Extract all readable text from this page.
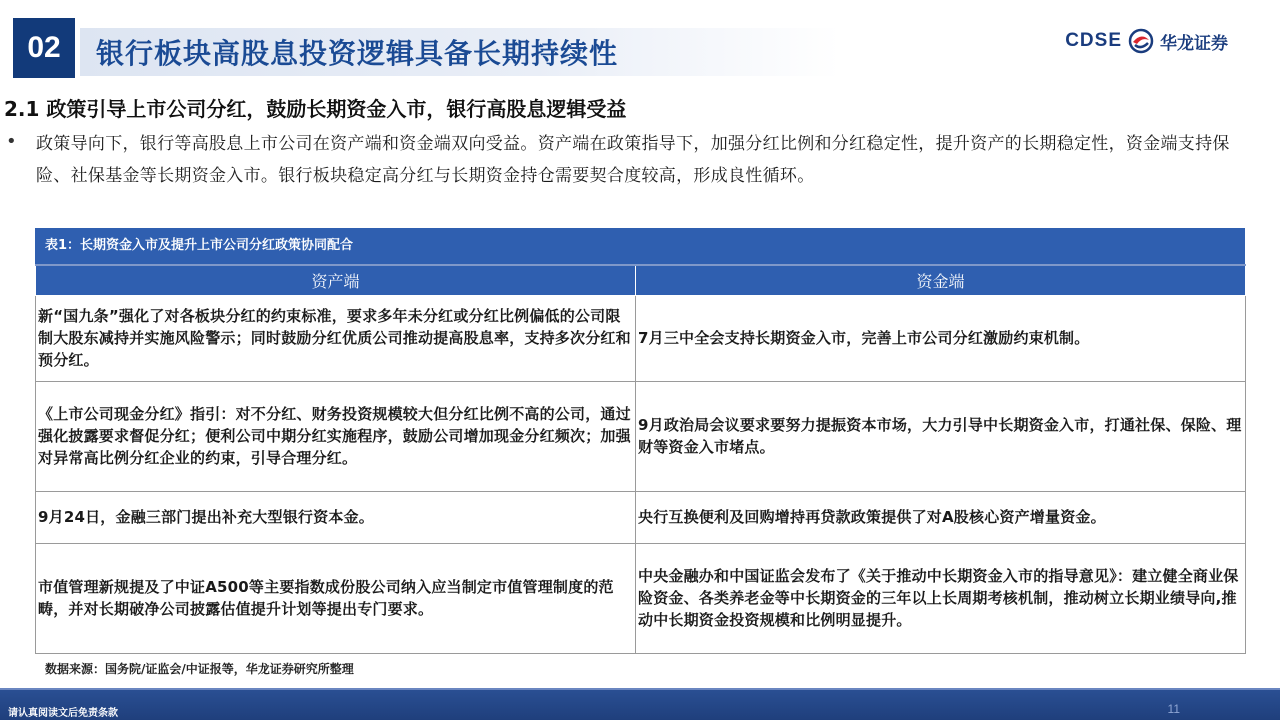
02	银行板块高股息投资逻辑具备长期持续性	CDSE 华龙证券
2.1 政策引导上市公司分红，鼓励长期资金入市，银行高股息逻辑受益
• 政策导向下，银行等高股息上市公司在资产端和资金端双向受益。资产端在政策指导下，加强分红比例和分红稳定性，提升资产的长期稳定性，资金端支持保险、社保基金等长期资金入市。银行板块稳定高分红与长期资金持仓需要契合度较高，形成良性循环。
表1：长期资金入市及提升上市公司分红政策协同配合
资产端	资金端
新“国九条”强化了对各板块分红的约束标准，要求多年未分红或分红比例偏低的公司限制大股东减持并实施风险警示；同时鼓励分红优质公司推动提高股息率，支持多次分红和预分红。	7月三中全会支持长期资金入市，完善上市公司分红激励约束机制。
《上市公司现金分红》指引：对不分红、财务投资规模较大但分红比例不高的公司，通过强化披露要求督促分红；便利公司中期分红实施程序，鼓励公司增加现金分红频次；加强对异常高比例分红企业的约束，引导合理分红。	9月政治局会议要求要努力提振资本市场，大力引导中长期资金入市，打通社保、保险、理财等资金入市堵点。
9月24日，金融三部门提出补充大型银行资本金。	央行互换便利及回购增持再贷款政策提供了对A股核心资产增量资金。
市值管理新规提及了中证A500等主要指数成份股公司纳入应当制定市值管理制度的范畴，并对长期破净公司披露估值提升计划等提出专门要求。	中央金融办和中国证监会发布了《关于推动中长期资金入市的指导意见》：建立健全商业保险资金、各类养老金等中长期资金的三年以上长周期考核机制，推动树立长期业绩导向,推动中长期资金投资规模和比例明显提升。
数据来源：国务院/证监会/中证报等，华龙证券研究所整理
请认真阅读文后免责条款	11
